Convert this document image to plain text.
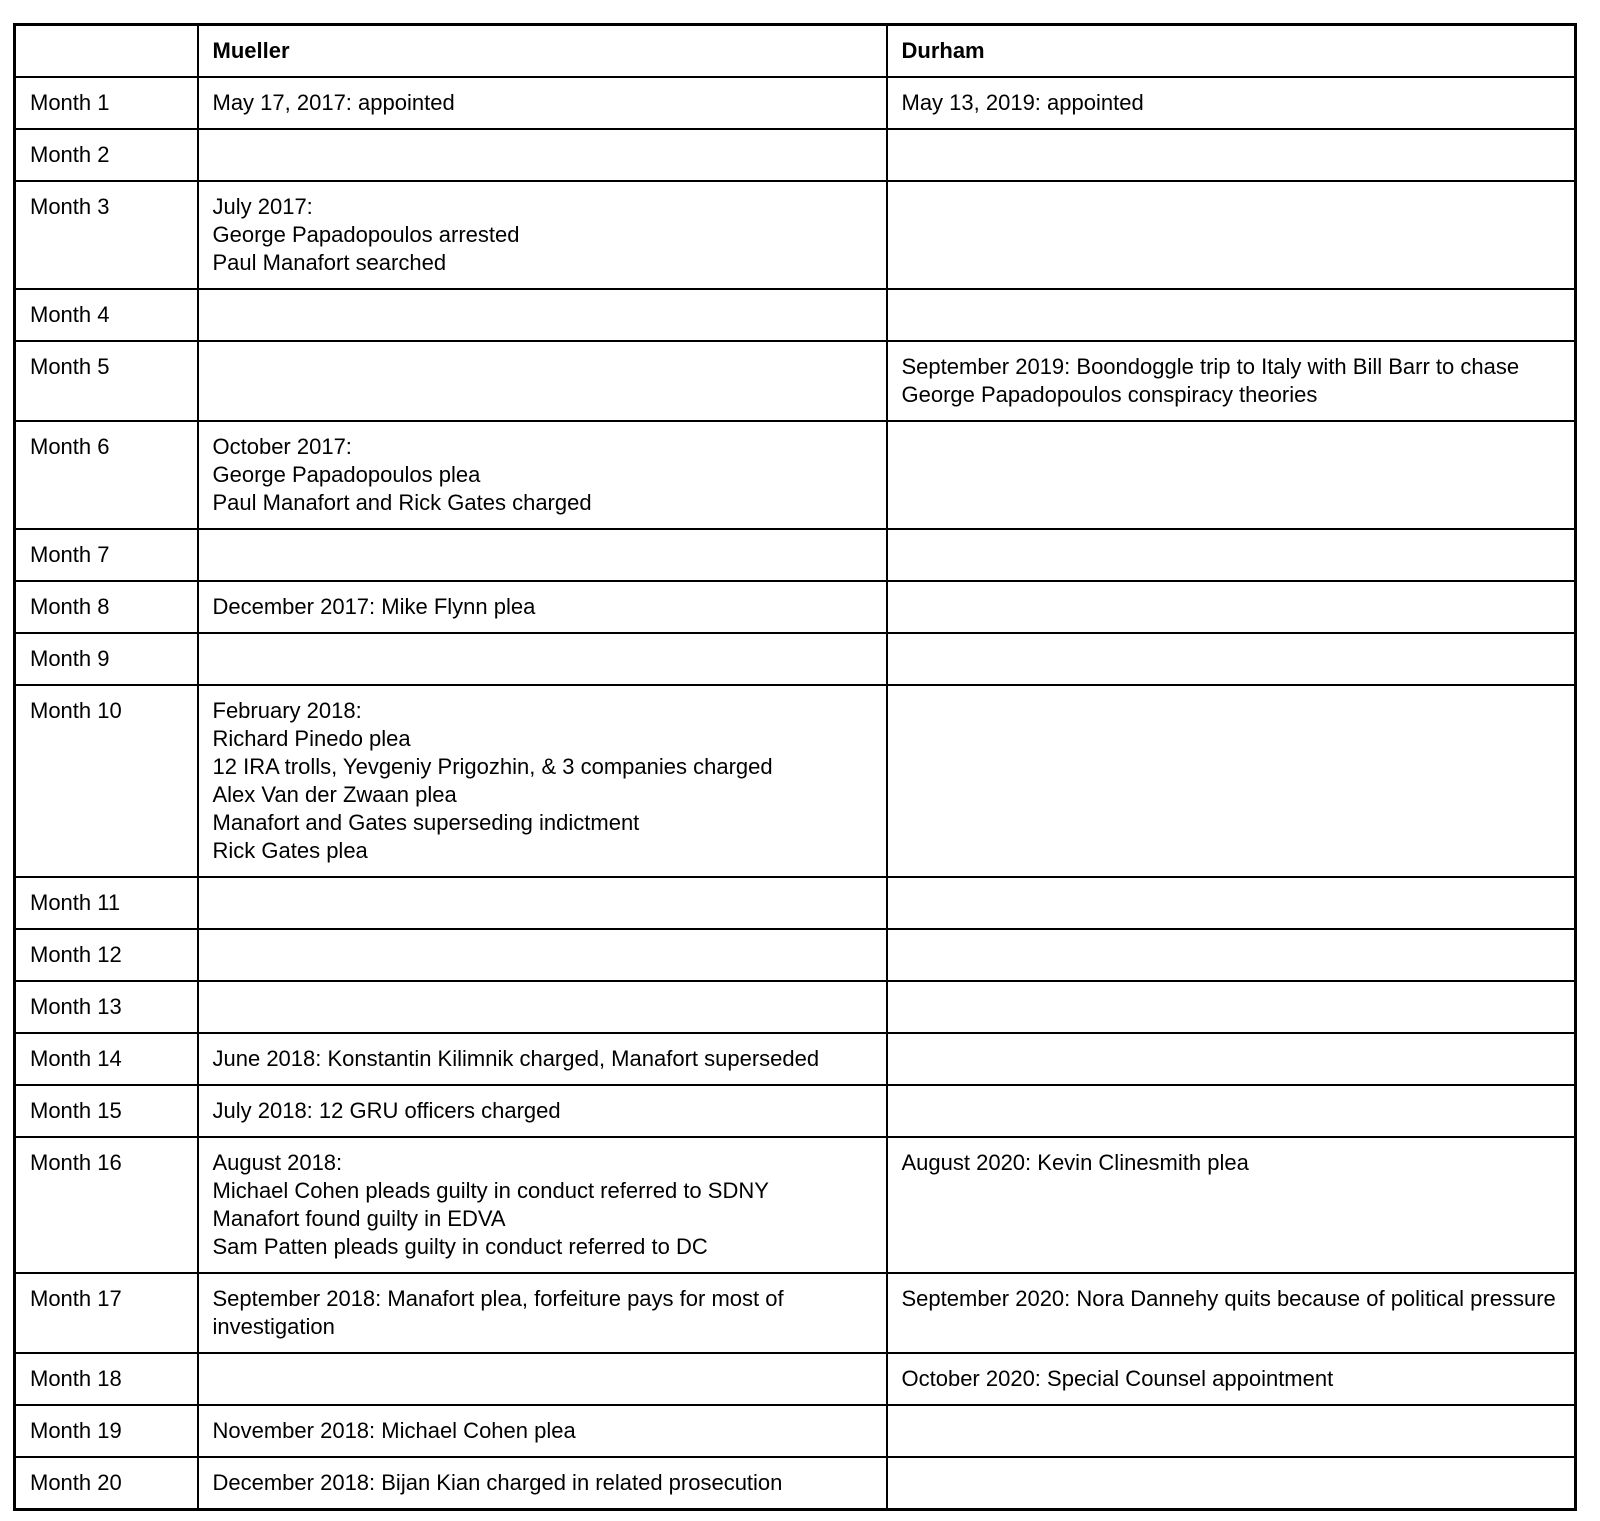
	Mueller	Durham
Month 1	May 17, 2017: appointed	May 13, 2019: appointed

Month 2		
Month 3	July 2017:
George Papadopoulos arrested
Paul Manafort searched	

Month 4		
Month 5		September 2019: Boondoggle trip to Italy with Bill Barr to chase George Papadopoulos conspiracy theories

Month 6	October 2017:
George Papadopoulos plea
Paul Manafort and Rick Gates charged	

Month 7		
Month 8	December 2017: Mike Flynn plea	

Month 9		
Month 10	February 2018:
Richard Pinedo plea
12 IRA trolls, Yevgeniy Prigozhin, & 3 companies charged
Alex Van der Zwaan plea
Manafort and Gates superseding indictment
Rick Gates plea

Month 11		
Month 12		
Month 13		
Month 14	June 2018: Konstantin Kilimnik charged, Manafort superseded	

Month 15	July 2018: 12 GRU officers charged	

Month 16	August 2018:
Michael Cohen pleads guilty in conduct referred to SDNY
Manafort found guilty in EDVA
Sam Patten pleads guilty in conduct referred to DC	August 2020: Kevin Clinesmith plea

Month 17	September 2018: Manafort plea, forfeiture pays for most of investigation	September 2020: Nora Dannehy quits because of political pressure

Month 18		October 2020: Special Counsel appointment

Month 19	November 2018: Michael Cohen plea	

Month 20	December 2018: Bijan Kian charged in related prosecution	
